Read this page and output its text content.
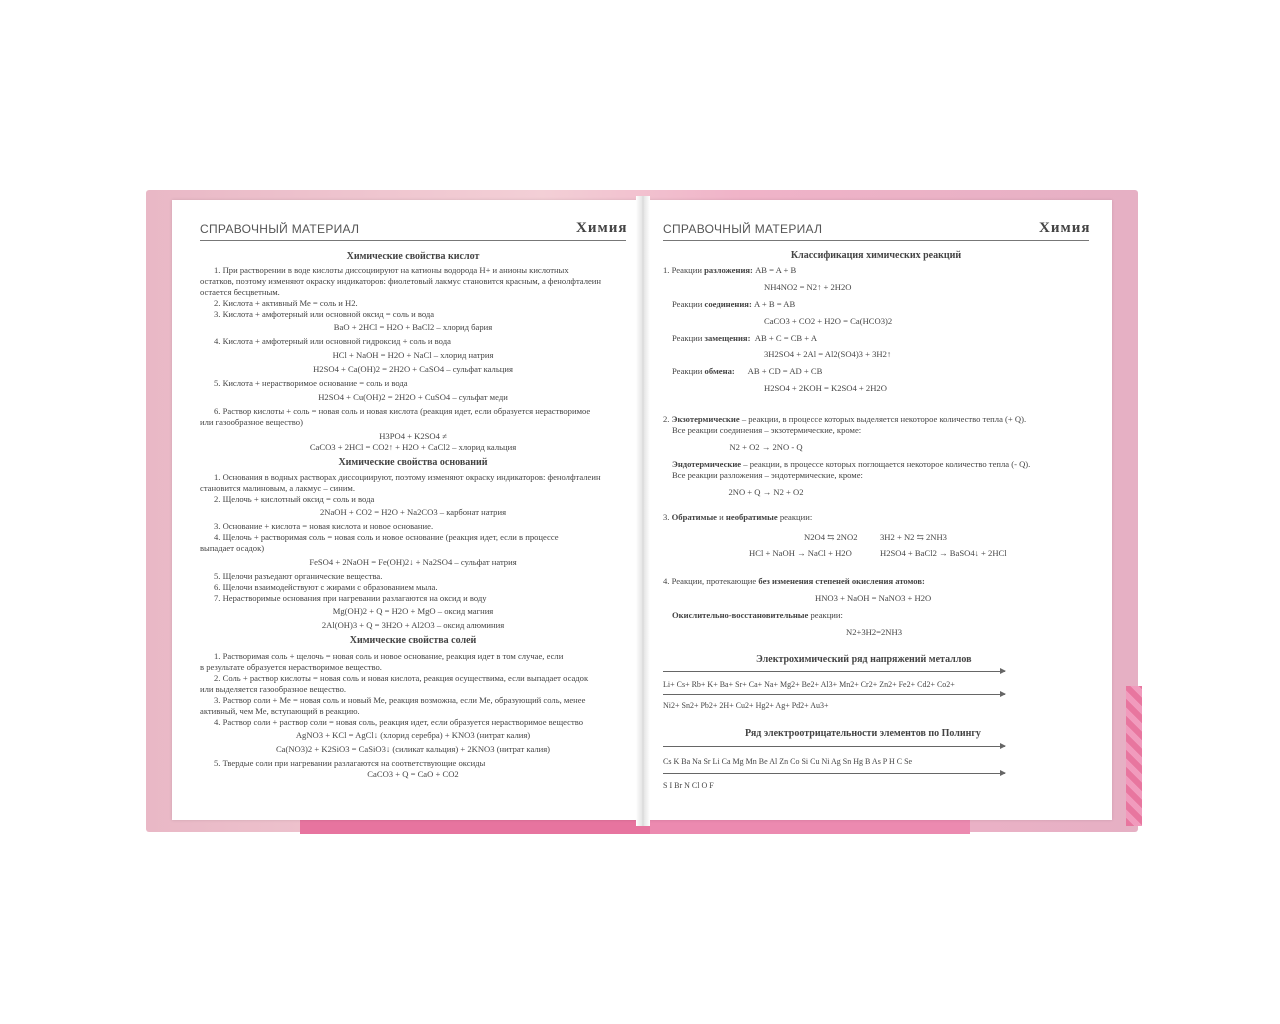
СПРАВОЧНЫЙ МАТЕРИАЛ	Химия	СПРАВОЧНЫЙ МАТЕРИАЛ	Химия
Химические свойства кислот
1. При растворении в воде кислоты диссоциируют на катионы водорода Н+ и анионы кислотных
остатков, поэтому изменяют окраску индикаторов: фиолетовый лакмус становится красным, а фенолфталеин
остается бесцветным.
2. Кислота + активный Ме = соль и Н2.
3. Кислота + амфотерный или основной оксид = соль и вода
BaO + 2HCl = H2O + BaCl2 – хлорид бария
4. Кислота + амфотерный или основной гидроксид + соль и вода
HCl + NaOH = H2O + NaCl – хлорид натрия
H2SO4 + Ca(OH)2 = 2H2O + CaSO4 – сульфат кальция
5. Кислота + нерастворимое основание = соль и вода
H2SO4 + Cu(OH)2 = 2H2O + CuSO4 – сульфат меди
6. Раствор кислоты + соль = новая соль и новая кислота (реакция идет, если образуется нерастворимое
или газообразное вещество)
H3PO4 + K2SO4 ≠
CaCO3 + 2HCl = CO2↑ + H2O + CaCl2 – хлорид кальция
Химические свойства оснований
1. Основания в водных растворах диссоциируют, поэтому изменяют окраску индикаторов: фенолфталеин
становится малиновым, а лакмус – синим.
2. Щелочь + кислотный оксид = соль и вода
2NaOH + CO2 = H2O + Na2CO3 – карбонат натрия
3. Основание + кислота = новая кислота и новое основание.
4. Щелочь + растворимая соль = новая соль и новое основание (реакция идет, если в процессе
выпадает осадок)
FeSO4 + 2NaOH = Fe(OH)2↓ + Na2SO4 – сульфат натрия
5. Щелочи разъедают органические вещества.
6. Щелочи взаимодействуют с жирами с образованием мыла.
7. Нерастворимые основания при нагревании разлагаются на оксид и воду
Mg(OH)2 + Q = H2O + MgO – оксид магния
2Al(OH)3 + Q = 3H2O + Al2O3 – оксид алюминия
Химические свойства солей
1. Растворимая соль + щелочь = новая соль и новое основание, реакция идет в том случае, если
в результате образуется нерастворимое вещество.
2. Соль + раствор кислоты = новая соль и новая кислота, реакция осуществима, если выпадает осадок
или выделяется газообразное вещество.
3. Раствор соли + Ме = новая соль и новый Ме, реакция возможна, если Ме, образующий соль, менее
активный, чем Ме, вступающий в реакцию.
4. Раствор соли + раствор соли = новая соль, реакция идет, если образуется нерастворимое вещество
AgNO3 + KCl = AgCl↓ (хлорид серебра) + KNO3 (нитрат калия)
Ca(NO3)2 + K2SiO3 = CaSiO3↓ (силикат кальция) + 2KNO3 (нитрат калия)
5. Твердые соли при нагревании разлагаются на соответствующие оксиды
CaCO3 + Q = CaO + CO2
Классификация химических реакций
1. Реакции разложения: AB = A + B
NH4NO2 = N2↑ + 2H2O
Реакции соединения: A + B = AB
CaCO3 + CO2 + H2O = Ca(HCO3)2
Реакции замещения: AB + C = CB + A
3H2SO4 + 2Al = Al2(SO4)3 + 3H2↑
Реакции обмена: AB + CD = AD + CB
H2SO4 + 2KOH = K2SO4 + 2H2O
2. Экзотермические – реакции, в процессе которых выделяется некоторое количество тепла (+ Q).
Все реакции соединения – экзотермические, кроме:
N2 + O2 → 2NO - Q
Эндотермические – реакции, в процессе которых поглощается некоторое количество тепла (- Q).
Все реакции разложения – эндотермические, кроме:
2NO + Q → N2 + O2
3. Обратимые и необратимые реакции:
N2O4 ⇆ 2NO2	3H2 + N2 ⇆ 2NH3
HCl + NaOH → NaCl + H2O	H2SO4 + BaCl2 → BaSO4↓ + 2HCl
4. Реакции, протекающие без изменения степеней окисления атомов:
HNO3 + NaOH = NaNO3 + H2O
Окислительно-восстановительные реакции:
N2+3H2=2NH3
Электрохимический ряд напряжений металлов
Li+ Cs+ Rb+ K+ Ba+ Sr+ Ca+ Na+ Mg2+ Be2+ Al3+ Mn2+ Cr2+ Zn2+ Fe2+ Cd2+ Co2+
Ni2+ Sn2+ Pb2+ 2H+ Cu2+ Hg2+ Ag+ Pd2+ Au3+
Ряд электроотрицательности элементов по Полингу
Cs K Ba Na Sr Li Ca Mg Mn Be Al Zn Co Si Cu Ni Ag Sn Hg B As P H C Se
S I Br N Cl O F
